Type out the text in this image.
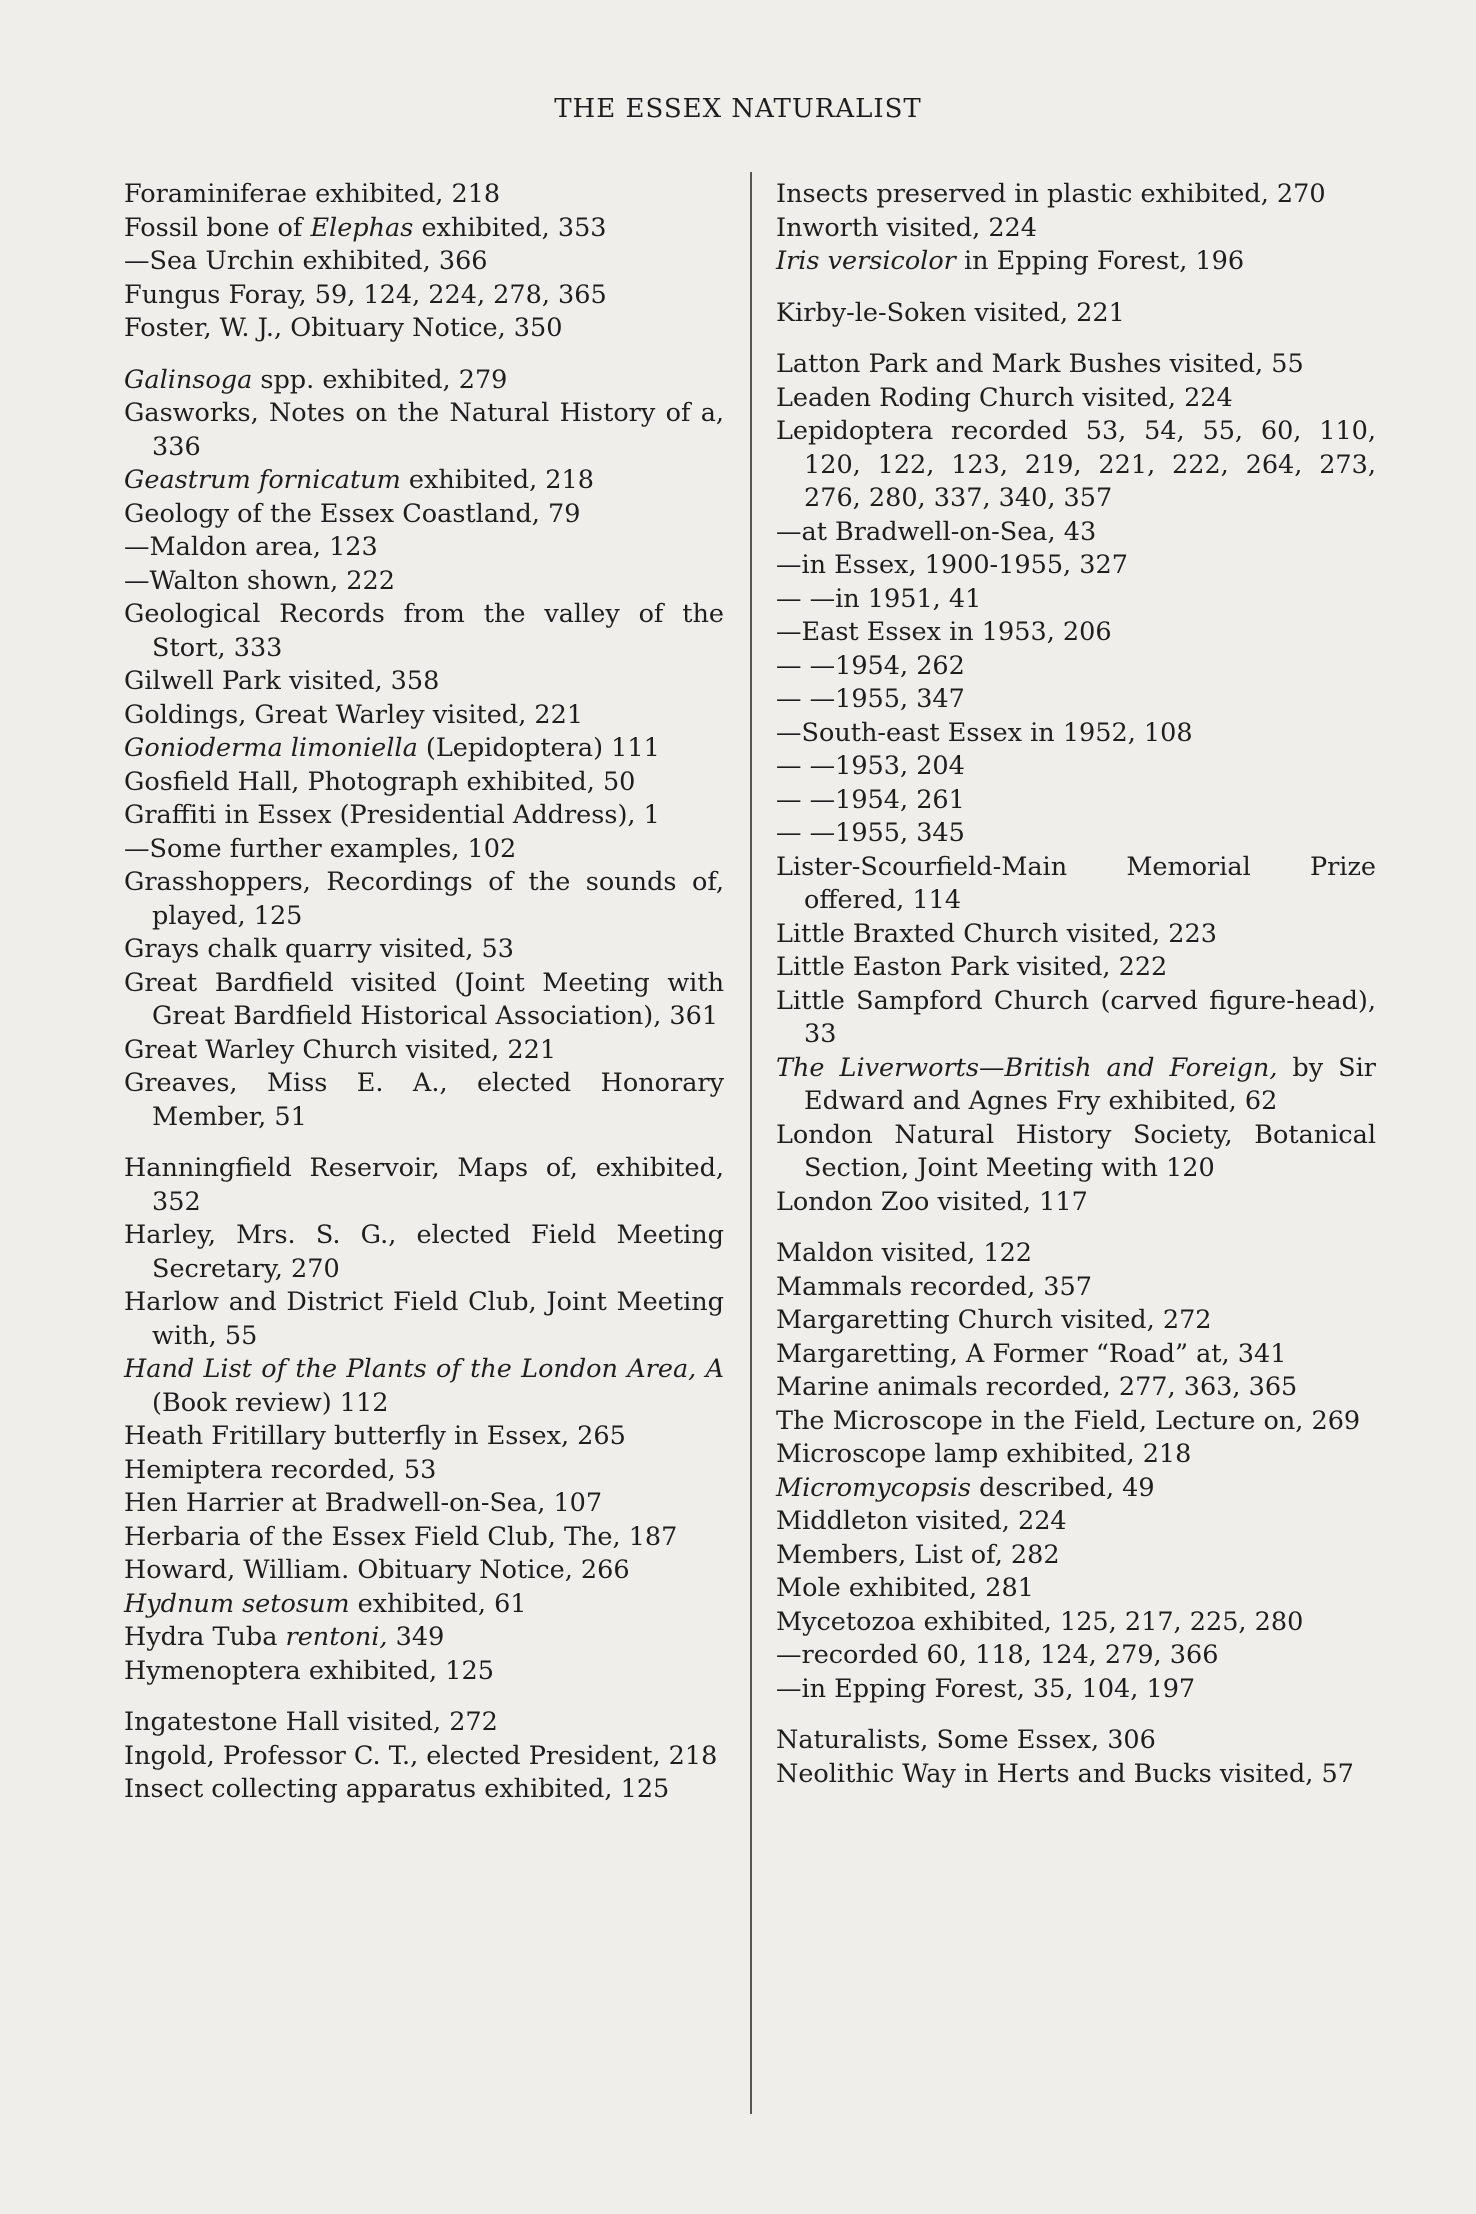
THE ESSEX NATURALIST
Foraminiferae exhibited, 218
Fossil bone of Elephas exhibited, 353
—Sea Urchin exhibited, 366
Fungus Foray, 59, 124, 224, 278, 365
Foster, W. J., Obituary Notice, 350
Galinsoga spp. exhibited, 279
Gasworks, Notes on the Natural History of a, 336
Geastrum fornicatum exhibited, 218
Geology of the Essex Coastland, 79
—Maldon area, 123
—Walton shown, 222
Geological Records from the valley of the Stort, 333
Gilwell Park visited, 358
Goldings, Great Warley visited, 221
Goniodermа limoniella (Lepidoptera) 111
Gosfield Hall, Photograph exhibited, 50
Graffiti in Essex (Presidential Address), 1
—Some further examples, 102
Grasshoppers, Recordings of the sounds of, played, 125
Grays chalk quarry visited, 53
Great Bardfield visited (Joint Meeting with Great Bardfield Historical Association), 361
Great Warley Church visited, 221
Greaves, Miss E. A., elected Honorary Member, 51
Hanningfield Reservoir, Maps of, exhibited, 352
Harley, Mrs. S. G., elected Field Meeting Secretary, 270
Harlow and District Field Club, Joint Meeting with, 55
Hand List of the Plants of the London Area, A (Book review) 112
Heath Fritillary butterfly in Essex, 265
Hemiptera recorded, 53
Hen Harrier at Bradwell-on-Sea, 107
Herbaria of the Essex Field Club, The, 187
Howard, William. Obituary Notice, 266
Hydnum setosum exhibited, 61
Hydra Tuba rentoni, 349
Hymenoptera exhibited, 125
Ingatestone Hall visited, 272
Ingold, Professor C. T., elected President, 218
Insect collecting apparatus exhibited, 125
Insects preserved in plastic exhibited, 270
Inworth visited, 224
Iris versicolor in Epping Forest, 196
Kirby-le-Soken visited, 221
Latton Park and Mark Bushes visited, 55
Leaden Roding Church visited, 224
Lepidoptera recorded 53, 54, 55, 60, 110, 120, 122, 123, 219, 221, 222, 264, 273, 276, 280, 337, 340, 357
—at Bradwell-on-Sea, 43
—in Essex, 1900-1955, 327
— —in 1951, 41
—East Essex in 1953, 206
— —1954, 262
— —1955, 347
—South-east Essex in 1952, 108
— —1953, 204
— —1954, 261
— —1955, 345
Lister-Scourfield-Main Memorial Prize offered, 114
Little Braxted Church visited, 223
Little Easton Park visited, 222
Little Sampford Church (carved figure-head), 33
The Liverworts—British and Foreign, by Sir Edward and Agnes Fry exhibited, 62
London Natural History Society, Botanical Section, Joint Meeting with 120
London Zoo visited, 117
Maldon visited, 122
Mammals recorded, 357
Margaretting Church visited, 272
Margaretting, A Former “Road” at, 341
Marine animals recorded, 277, 363, 365
The Microscope in the Field, Lecture on, 269
Microscope lamp exhibited, 218
Micromycopsis described, 49
Middleton visited, 224
Members, List of, 282
Mole exhibited, 281
Mycetozoa exhibited, 125, 217, 225, 280
—recorded 60, 118, 124, 279, 366
—in Epping Forest, 35, 104, 197
Naturalists, Some Essex, 306
Neolithic Way in Herts and Bucks visited, 57
